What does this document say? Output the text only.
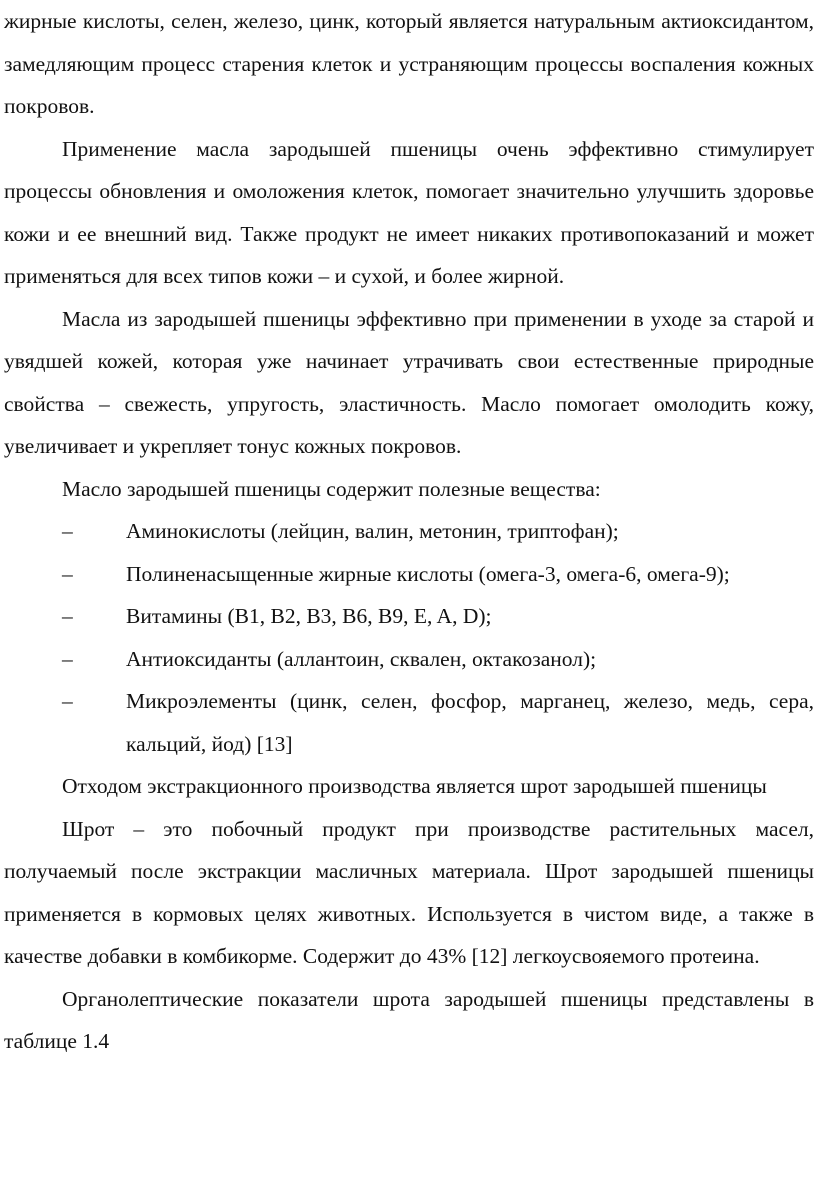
жирные кислоты, селен, железо, цинк, который является натуральным актиоксидантом, замедляющим процесс старения клеток и устраняющим процессы воспаления кожных покровов.

Применение масла зародышей пшеницы очень эффективно стимулирует процессы обновления и омоложения клеток, помогает значительно улучшить здоровье кожи и ее внешний вид. Также продукт не имеет никаких противопоказаний и может применяться для всех типов кожи – и сухой, и более жирной.

Масла из зародышей пшеницы эффективно при применении в уходе за старой и увядшей кожей, которая уже начинает утрачивать свои естественные природные свойства – свежесть, упругость, эластичность. Масло помогает омолодить кожу, увеличивает и укрепляет тонус кожных покровов.

Масло зародышей пшеницы содержит полезные вещества:

– Аминокислоты (лейцин, валин, метонин, триптофан);
– Полиненасыщенные жирные кислоты (омега-3, омега-6, омега-9);
– Витамины (B1, B2, B3, B6, B9, E, A, D);
– Антиоксиданты (аллантоин, сквален, октакозанол);
– Микроэлементы (цинк, селен, фосфор, марганец, железо, медь, сера, кальций, йод) [13]

Отходом экстракционного производства является шрот зародышей пшеницы

Шрот – это побочный продукт при производстве растительных масел, получаемый после экстракции масличных материала. Шрот зародышей пшеницы применяется в кормовых целях животных. Используется в чистом виде, а также в качестве добавки в комбикорме. Содержит до 43% [12] легкоусвояемого протеина.

Органолептические показатели шрота зародышей пшеницы представлены в таблице 1.4
